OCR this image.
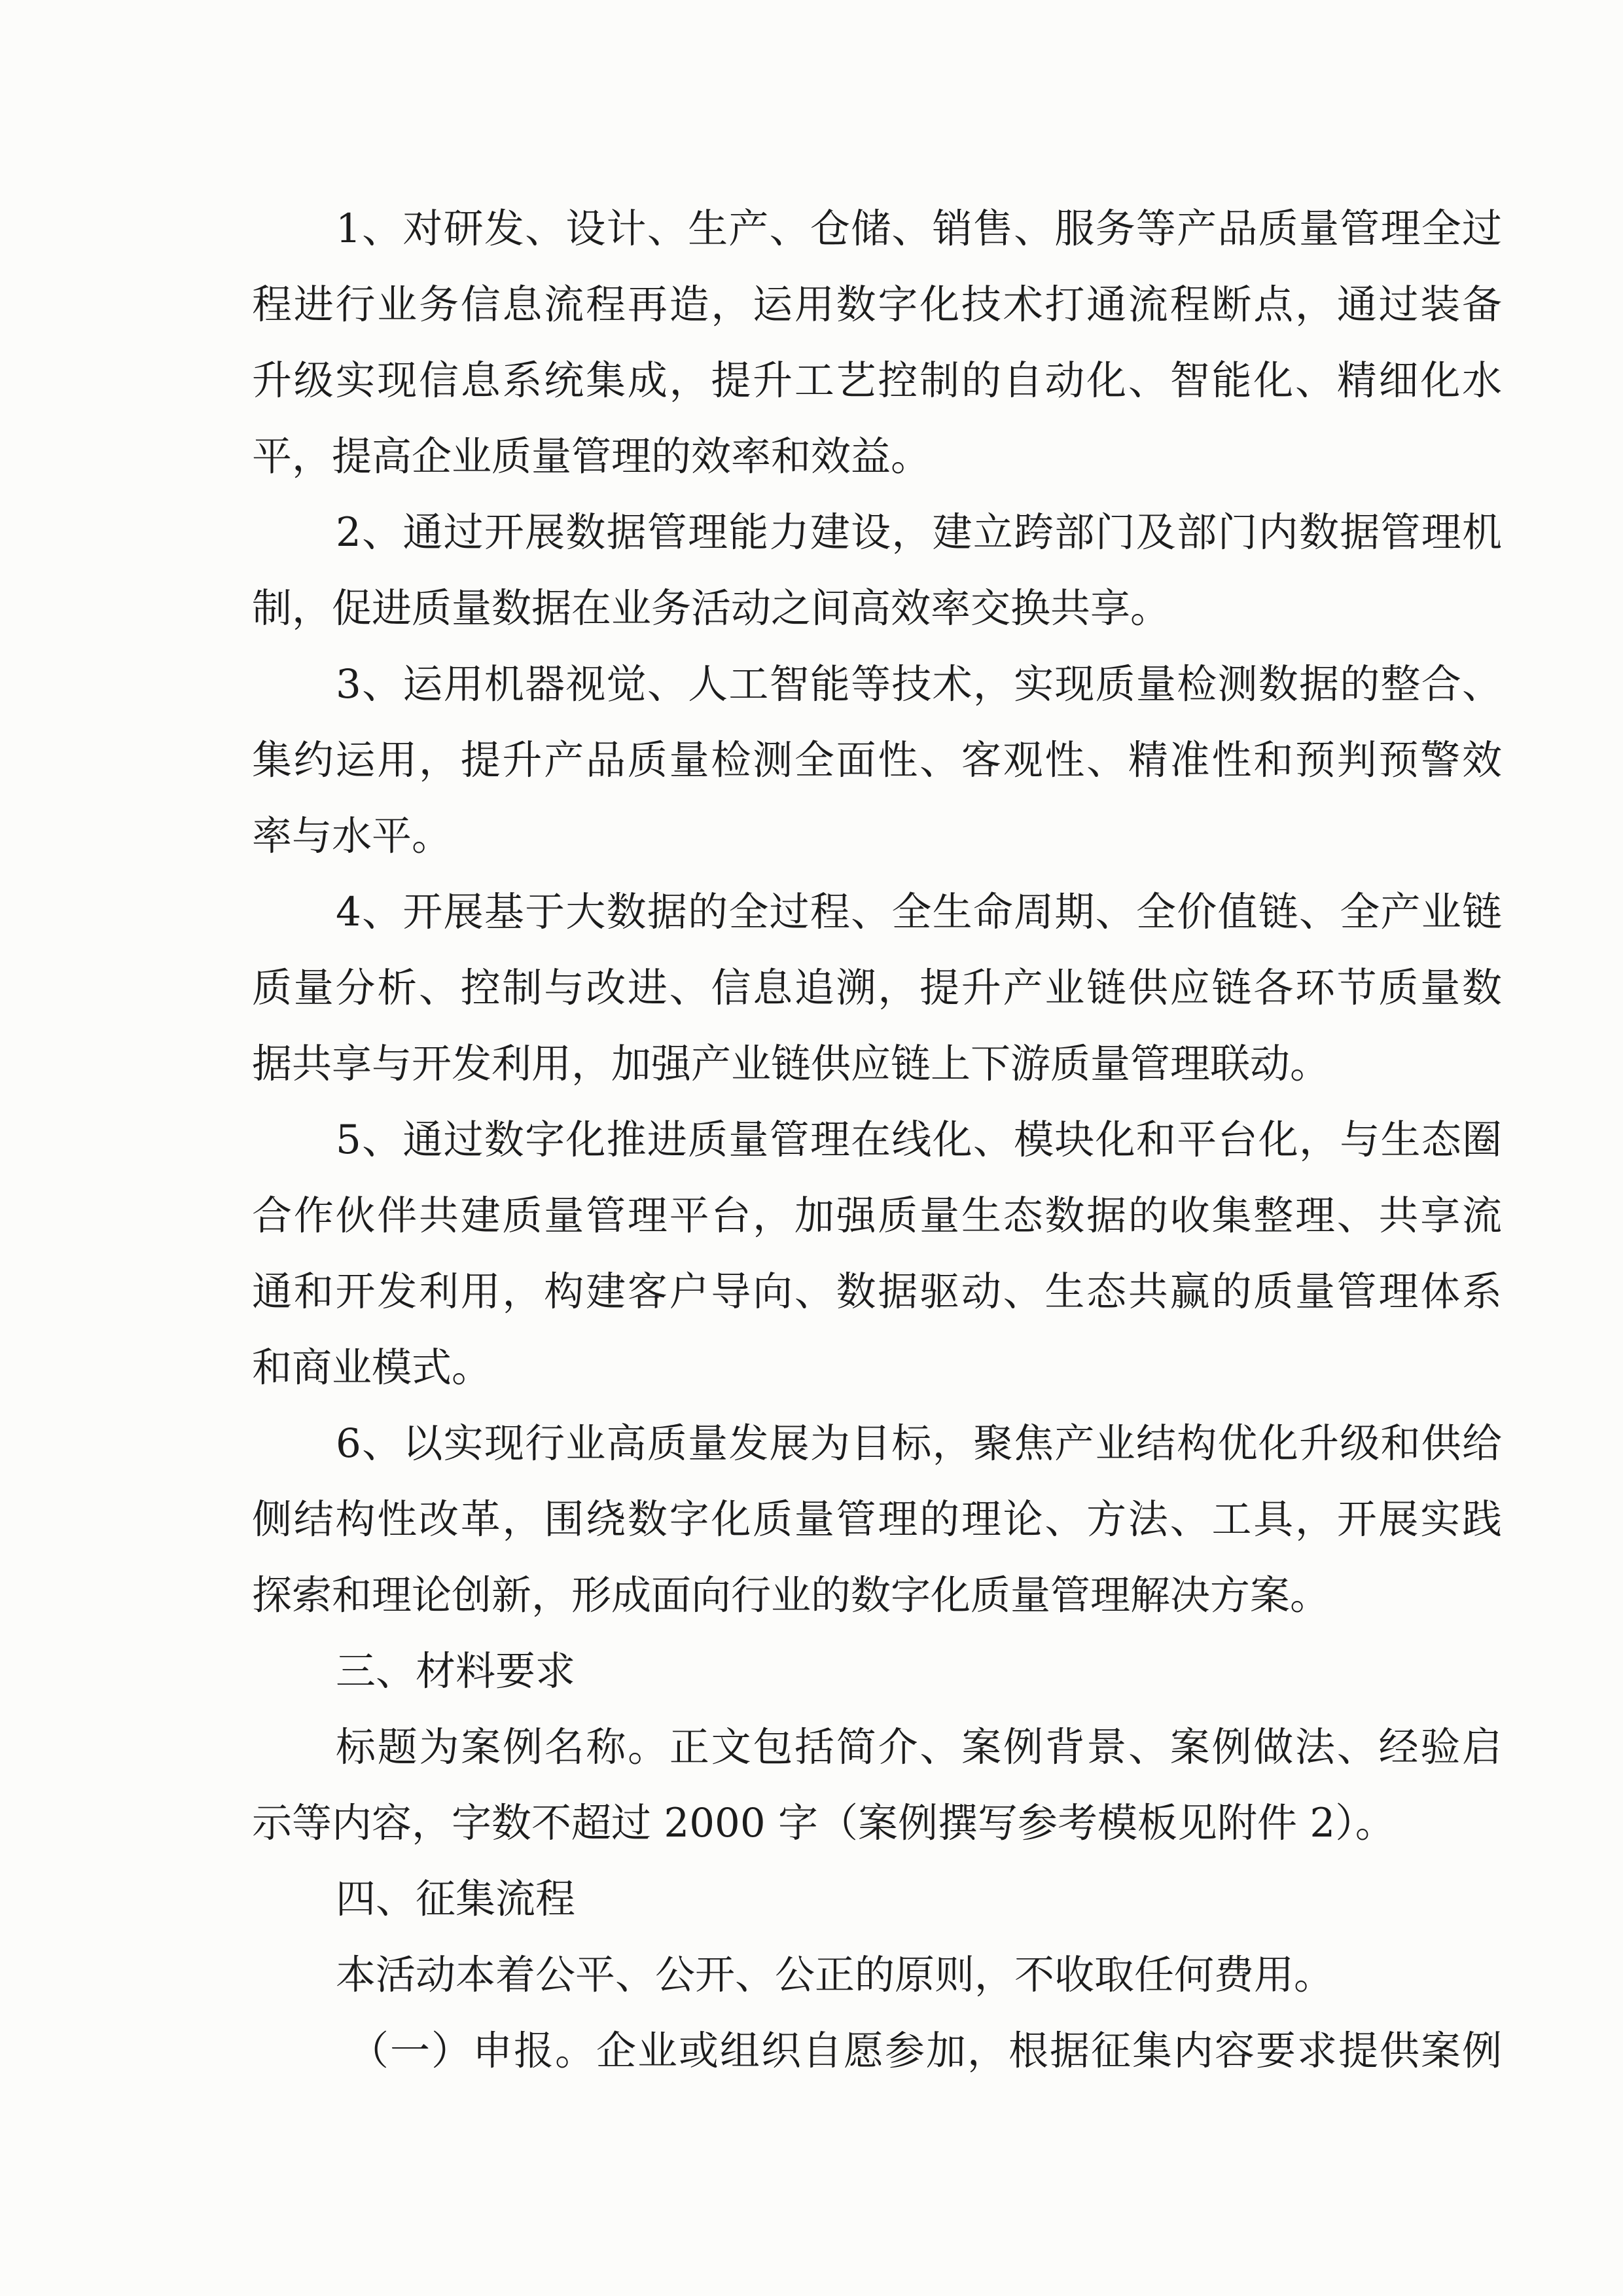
1、对研发、设计、生产、仓储、销售、服务等产品质量管理全过
程进行业务信息流程再造，运用数字化技术打通流程断点，通过装备
升级实现信息系统集成，提升工艺控制的自动化、智能化、精细化水
平，提高企业质量管理的效率和效益。
2、通过开展数据管理能力建设，建立跨部门及部门内数据管理机
制，促进质量数据在业务活动之间高效率交换共享。
3、运用机器视觉、人工智能等技术，实现质量检测数据的整合、
集约运用，提升产品质量检测全面性、客观性、精准性和预判预警效
率与水平。
4、开展基于大数据的全过程、全生命周期、全价值链、全产业链
质量分析、控制与改进、信息追溯，提升产业链供应链各环节质量数
据共享与开发利用，加强产业链供应链上下游质量管理联动。
5、通过数字化推进质量管理在线化、模块化和平台化，与生态圈
合作伙伴共建质量管理平台，加强质量生态数据的收集整理、共享流
通和开发利用，构建客户导向、数据驱动、生态共赢的质量管理体系
和商业模式。
6、以实现行业高质量发展为目标，聚焦产业结构优化升级和供给
侧结构性改革，围绕数字化质量管理的理论、方法、工具，开展实践
探索和理论创新，形成面向行业的数字化质量管理解决方案。
三、材料要求
标题为案例名称。正文包括简介、案例背景、案例做法、经验启
示等内容，字数不超过 2000 字（案例撰写参考模板见附件 2）。
四、征集流程
本活动本着公平、公开、公正的原则，不收取任何费用。
（一）申报。企业或组织自愿参加，根据征集内容要求提供案例
